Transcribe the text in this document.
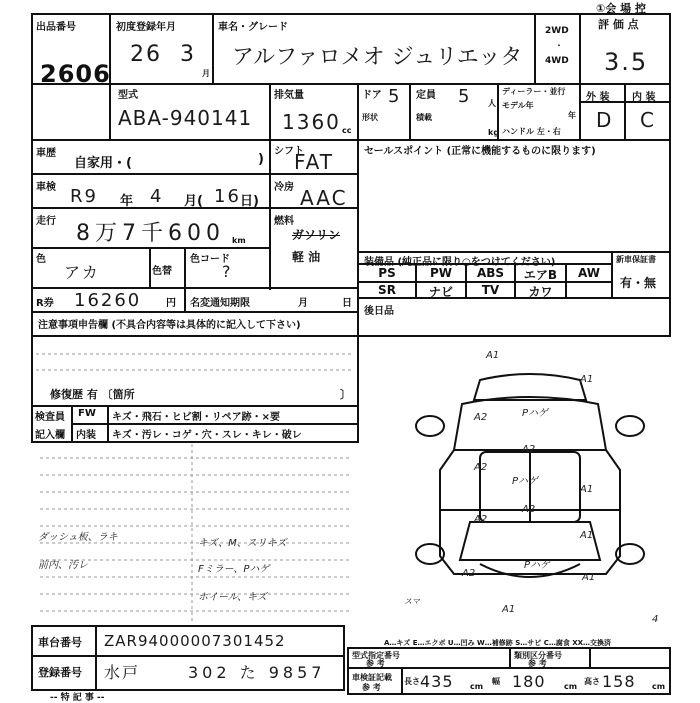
①会 場 控
出品番号
2606
初度登録年月
26 3
月
車名・グレード
アルファロメオ ジュリエッタ
2WD
・
4WD
評 価 点
3.5
型式
ABA-940141
排気量
1360 cc
ドア 5 定員 5 人
形状	積載
kg
ディーラー・並行
モデル年
年
ハンドル 左・右
外 装 内 装
D C
車歴
自家用・(	)
シフト
FAT
車検 R9 年 4 月( 16 日)
冷房 AAC
走行 8万7千600 km
燃料
ガソリン
軽 油
色
アカ	色替
色コード
?
R券 16260 円 名変通知期限	月	日
セールスポイント (正常に機能するものに限ります)
装備品 (純正品に限り○をつけてください)
PS	PW	ABS	エアB	AW
SR	ナビ	TV	カワ
新車保証書
有・無
後日品
注意事項申告欄 (不具合内容等は具体的に記入して下さい)
修復歴 有 〔箇所	〕
検査員
記入欄
FW キズ・飛石・ヒビ割・リペア跡・×要
内装 キズ・汚レ・コゲ・穴・スレ・キレ・破レ
ダッシュ板、ラキ
前内、汚レ
キズ、M、スリキズ
Fミラー、Pハゲ
ホイール、キズ
A1
A1
A2	Pハゲ
A2
A2
Pハゲ
A1
A2
A2
A1
A2
Pハゲ
A1
A1
スマ
4
A…キズ E…エクボ U…凹み W…補修跡 S…サビ C…腐食 XX…交換済
車台番号 ZAR94000007301452
登録番号 水戸	302 た 9857
型式指定番号
参 考
類別区分番号
参 考
車検証記載
参 考
長さ 435 cm
幅 180 cm
高さ 158 cm
-- 特 記 事 --
